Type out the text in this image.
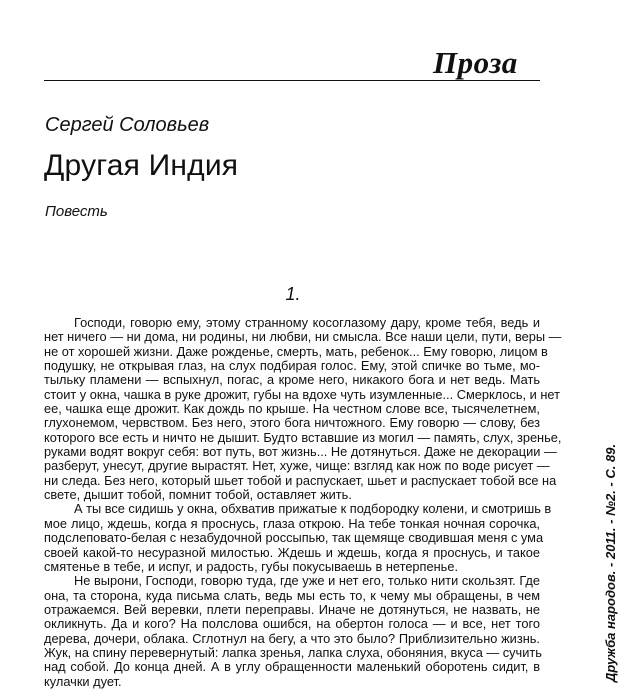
Проза
Сергей Соловьев
Другая Индия
Повесть
1.
Господи, говорю ему, этому странному косоглазому дару, кроме тебя, ведь и
нет ничего — ни дома, ни родины, ни любви, ни смысла. Все наши цели, пути, веры —
не от хорошей жизни. Даже рожденье, смерть, мать, ребенок... Ему говорю, лицом в
подушку, не открывая глаз, на слух подбирая голос. Ему, этой спичке во тьме, мо-
тыльку пламени — вспыхнул, погас, а кроме него, никакого бога и нет ведь. Мать
стоит у окна, чашка в руке дрожит, губы на вдохе чуть изумленные... Смерклось, и нет
ее, чашка еще дрожит. Как дождь по крыше. На честном слове все, тысячелетнем,
глухонемом, червством. Без него, этого бога ничтожного. Ему говорю — слову, без
которого все есть и ничто не дышит. Будто вставшие из могил — память, слух, зренье,
руками водят вокруг себя: вот путь, вот жизнь... Не дотянуться. Даже не декорации —
разберут, унесут, другие вырастят. Нет, хуже, чище: взгляд как нож по воде рисует —
ни следа. Без него, который шьет тобой и распускает, шьет и распускает тобой все на
свете, дышит тобой, помнит тобой, оставляет жить.
А ты все сидишь у окна, обхватив прижатые к подбородку колени, и смотришь в
мое лицо, ждешь, когда я проснусь, глаза открою. На тебе тонкая ночная сорочка,
подслеповато-белая с незабудочной россыпью, так щемяще сводившая меня с ума
своей какой-то несуразной милостью. Ждешь и ждешь, когда я проснусь, и такое
смятенье в тебе, и испуг, и радость, губы покусываешь в нетерпенье.
Не вырони, Господи, говорю туда, где уже и нет его, только нити скользят. Где
она, та сторона, куда письма слать, ведь мы есть то, к чему мы обращены, в чем
отражаемся. Вей веревки, плети переправы. Иначе не дотянуться, не назвать, не
окликнуть. Да и кого? На полслова ошибся, на обертон голоса — и все, нет того
дерева, дочери, облака. Сглотнул на бегу, а что это было? Приблизительно жизнь.
Жук, на спину перевернутый: лапка зренья, лапка слуха, обоняния, вкуса — сучить
над собой. До конца дней. А в углу обращенности маленький оборотень сидит, в
кулачки дует.	Дружба народов. - 2011. - №2. - С. 89.
